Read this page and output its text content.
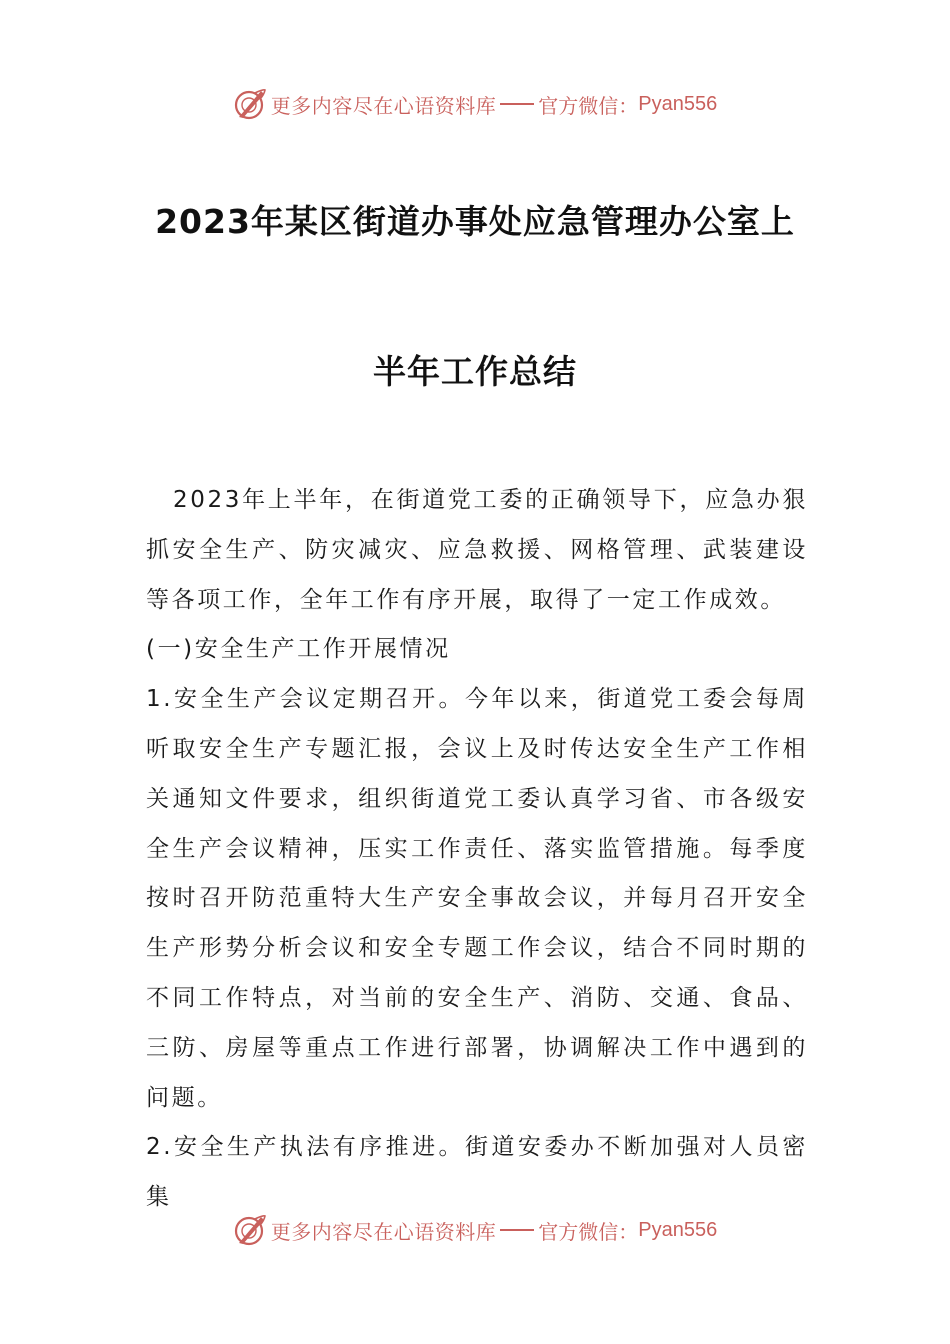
更多内容尽在心语资料库 官方微信： Pyan556
2023年某区街道办事处应急管理办公室上
半年工作总结

2023年上半年，在街道党工委的正确领导下，应急办狠抓安全生产、防灾减灾、应急救援、网格管理、武装建设等各项工作，全年工作有序开展，取得了一定工作成效。

(一)安全生产工作开展情况

1.安全生产会议定期召开。今年以来，街道党工委会每周听取安全生产专题汇报，会议上及时传达安全生产工作相关通知文件要求，组织街道党工委认真学习省、市各级安全生产会议精神，压实工作责任、落实监管措施。每季度按时召开防范重特大生产安全事故会议，并每月召开安全生产形势分析会议和安全专题工作会议，结合不同时期的不同工作特点，对当前的安全生产、消防、交通、食品、三防、房屋等重点工作进行部署，协调解决工作中遇到的问题。

2.安全生产执法有序推进。街道安委办不断加强对人员密集

更多内容尽在心语资料库 官方微信： Pyan556
